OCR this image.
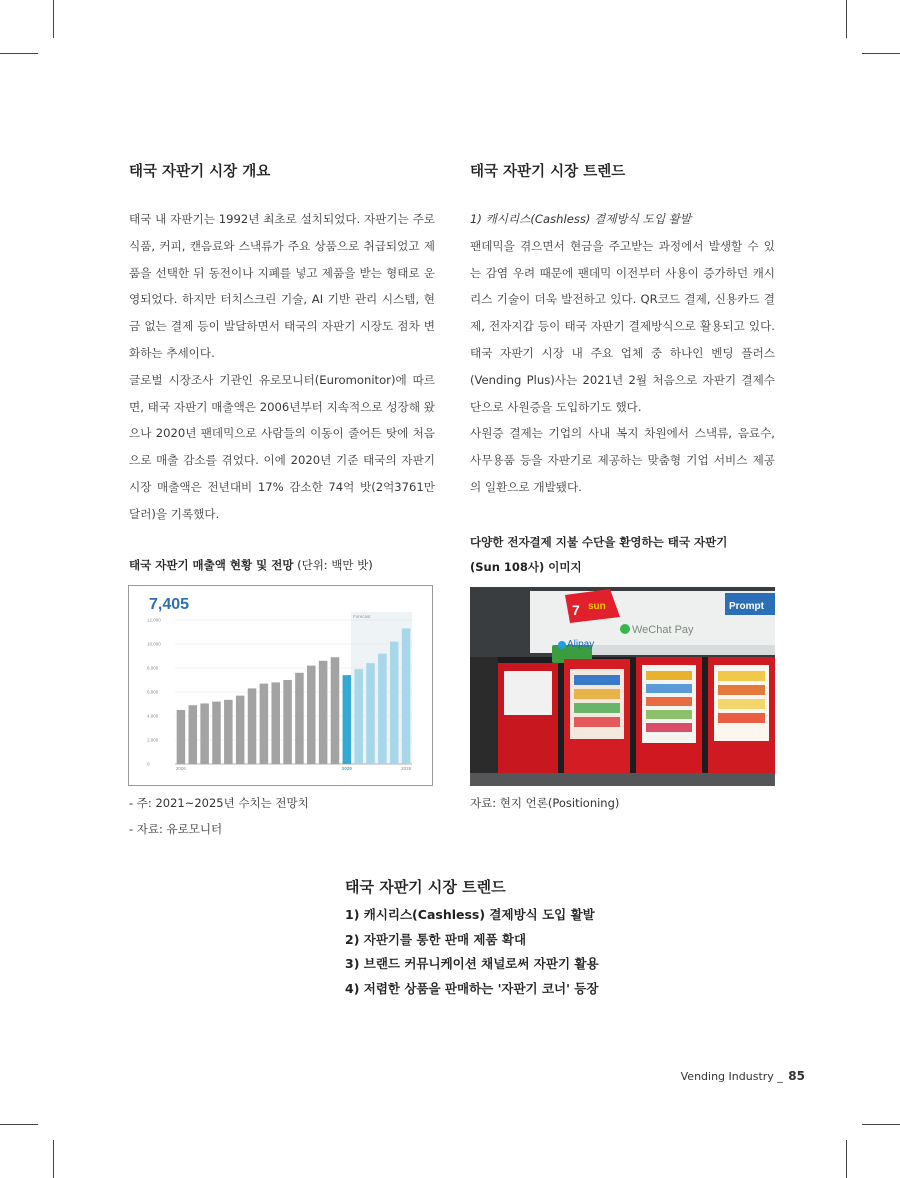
태국 자판기 시장 개요

태국 내 자판기는 1992년 최초로 설치되었다. 자판기는 주로 식품, 커피, 캔음료와 스낵류가 주요 상품으로 취급되었고 제품을 선택한 뒤 동전이나 지폐를 넣고 제품을 받는 형태로 운영되었다. 하지만 터치스크린 기술, AI 기반 관리 시스템, 현금 없는 결제 등이 발달하면서 태국의 자판기 시장도 점차 변화하는 추세이다.

글로벌 시장조사 기관인 유로모니터(Euromonitor)에 따르면, 태국 자판기 매출액은 2006년부터 지속적으로 성장해 왔으나 2020년 팬데믹으로 사람들의 이동이 줄어든 탓에 처음으로 매출 감소를 겪었다. 이에 2020년 기준 태국의 자판기 시장 매출액은 전년대비 17% 감소한 74억 밧(2억3761만 달러)을 기록했다.

태국 자판기 매출액 현황 및 전망 (단위: 백만 밧)
7,405
Forecast
0
2,000
4,000
6,000
8,000
10,000
12,000
2006	2020	2025
- 주: 2021~2025년 수치는 전망치
- 자료: 유로모니터
태국 자판기 시장 트렌드

1) 캐시리스(Cashless) 결제방식 도입 활발

팬데믹을 겪으면서 현금을 주고받는 과정에서 발생할 수 있는 감염 우려 때문에 팬데믹 이전부터 사용이 증가하던 캐시리스 기술이 더욱 발전하고 있다. QR코드 결제, 신용카드 결제, 전자지갑 등이 태국 자판기 결제방식으로 활용되고 있다. 태국 자판기 시장 내 주요 업체 중 하나인 벤딩 플러스(Vending Plus)사는 2021년 2월 처음으로 자판기 결제수단으로 사원증을 도입하기도 했다.

사원증 결제는 기업의 사내 복지 차원에서 스낵류, 음료수, 사무용품 등을 자판기로 제공하는 맞춤형 기업 서비스 제공의 일환으로 개발됐다.

다양한 전자결제 지불 수단을 환영하는 태국 자판기
(Sun 108사) 이미지
7 sun
Alipay
WeChat Pay
Prompt
자료: 현지 언론(Positioning)
태국 자판기 시장 트렌드
1) 캐시리스(Cashless) 결제방식 도입 활발
2) 자판기를 통한 판매 제품 확대
3) 브랜드 커뮤니케이션 채널로써 자판기 활용
4) 저렴한 상품을 판매하는 '자판기 코너' 등장
Vending Industry _ 85
